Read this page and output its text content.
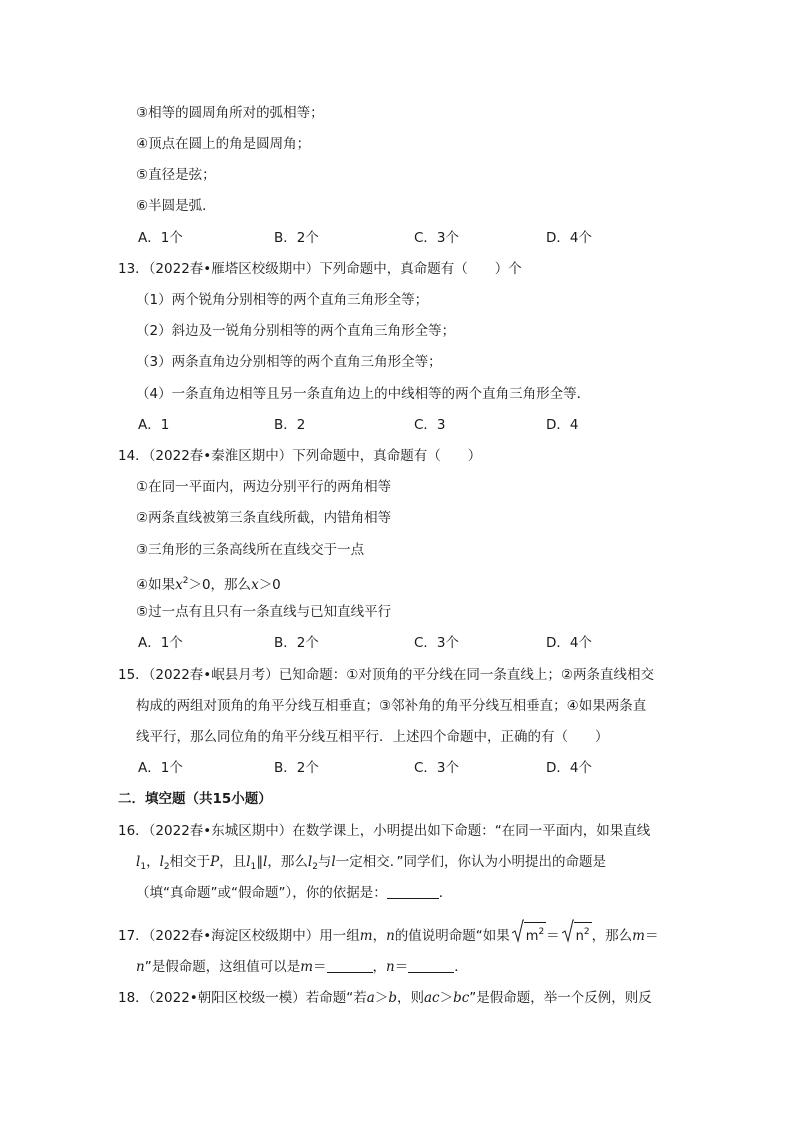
③相等的圆周角所对的弧相等；
④顶点在圆上的角是圆周角；
⑤直径是弦；
⑥半圆是弧．
A．1个	B．2个	C．3个	D．4个
13．（2022春•雁塔区校级期中）下列命题中，真命题有（　　）个
（1）两个锐角分别相等的两个直角三角形全等；
（2）斜边及一锐角分别相等的两个直角三角形全等；
（3）两条直角边分别相等的两个直角三角形全等；
（4）一条直角边相等且另一条直角边上的中线相等的两个直角三角形全等．
A．1	B．2	C．3	D．4
14．（2022春•秦淮区期中）下列命题中，真命题有（　　）
①在同一平面内，两边分别平行的两角相等
②两条直线被第三条直线所截，内错角相等
③三角形的三条高线所在直线交于一点
④如果$x^2>0$，那么x＞0
⑤过一点有且只有一条直线与已知直线平行
A．1个	B．2个	C．3个	D．4个
15．（2022春•岷县月考）已知命题：①对顶角的平分线在同一条直线上；②两条直线相交
构成的两组对顶角的角平分线互相垂直；③邻补角的角平分线互相垂直；④如果两条直
线平行，那么同位角的角平分线互相平行．上述四个命题中，正确的有（　　）
A．1个	B．2个	C．3个	D．4个
二．填空题（共15小题）
16．（2022春•东城区期中）在数学课上，小明提出如下命题：“在同一平面内，如果直线
$l_1$，$l_2$相交于P，且$l_1\parallel l$，那么$l_2$与l一定相交．”同学们，你认为小明提出的命题是
（填“真命题”或“假命题”），你的依据是：	．
17．（2022春•海淀区校级期中）用一组m，n的值说明命题“如果 $m^2 = n^2$ ，那么m＝
n”是假命题，这组值可以是m＝	，n＝	．
18．（2022•朝阳区校级一模）若命题“若a＞b，则ac＞bc”是假命题，举一个反例，则反
